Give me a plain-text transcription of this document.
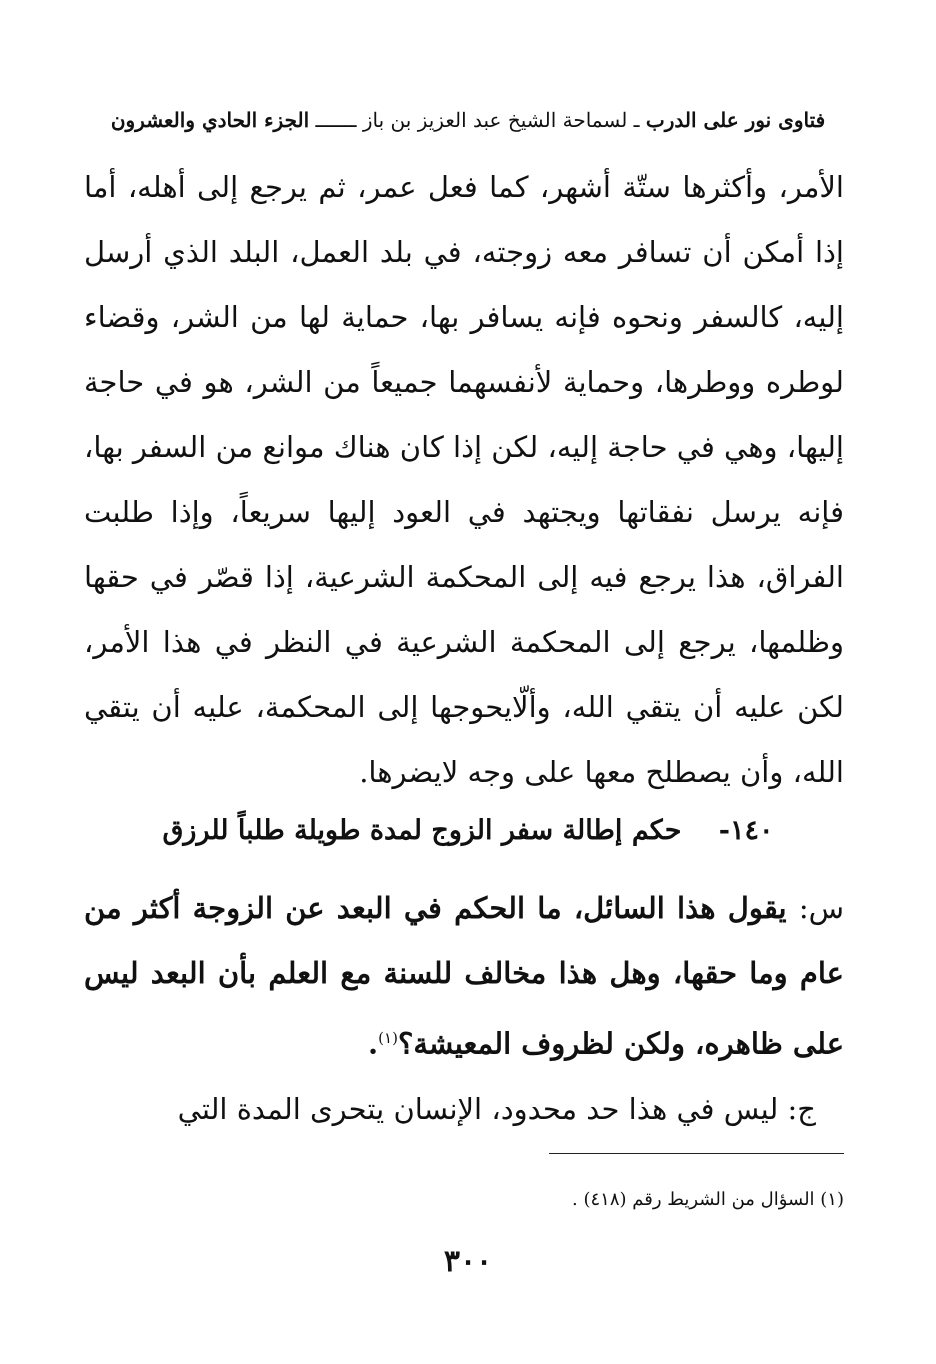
فتاوى نور على الدرب ـ لسماحة الشيخ عبد العزيز بن باز ـــــــ الجزء الحادي والعشرون

الأمر، وأكثرها ستّة أشهر، كما فعل عمر، ثم يرجع إلى أهله، أما إذا أمكن أن تسافر معه زوجته، في بلد العمل، البلد الذي أرسل إليه، كالسفر ونحوه فإنه يسافر بها، حماية لها من الشر، وقضاء لوطره ووطرها، وحماية لأنفسهما جميعاً من الشر، هو في حاجة إليها، وهي في حاجة إليه، لكن إذا كان هناك موانع من السفر بها، فإنه يرسل نفقاتها ويجتهد في العود إليها سريعاً، وإذا طلبت الفراق، هذا يرجع فيه إلى المحكمة الشرعية، إذا قصّر في حقها وظلمها، يرجع إلى المحكمة الشرعية في النظر في هذا الأمر، لكن عليه أن يتقي الله، وألّايحوجها إلى المحكمة، عليه أن يتقي الله، وأن يصطلح معها على وجه لايضرها.

١٤٠- حكم إطالة سفر الزوج لمدة طويلة طلباً للرزق

س: يقول هذا السائل، ما الحكم في البعد عن الزوجة أكثر من عام وما حقها، وهل هذا مخالف للسنة مع العلم بأن البعد ليس على ظاهره، ولكن لظروف المعيشة؟$^{(١)}$.

ج: ليس في هذا حد محدود، الإنسان يتحرى المدة التي

(١) السؤال من الشريط رقم (٤١٨) .
٣٠٠
